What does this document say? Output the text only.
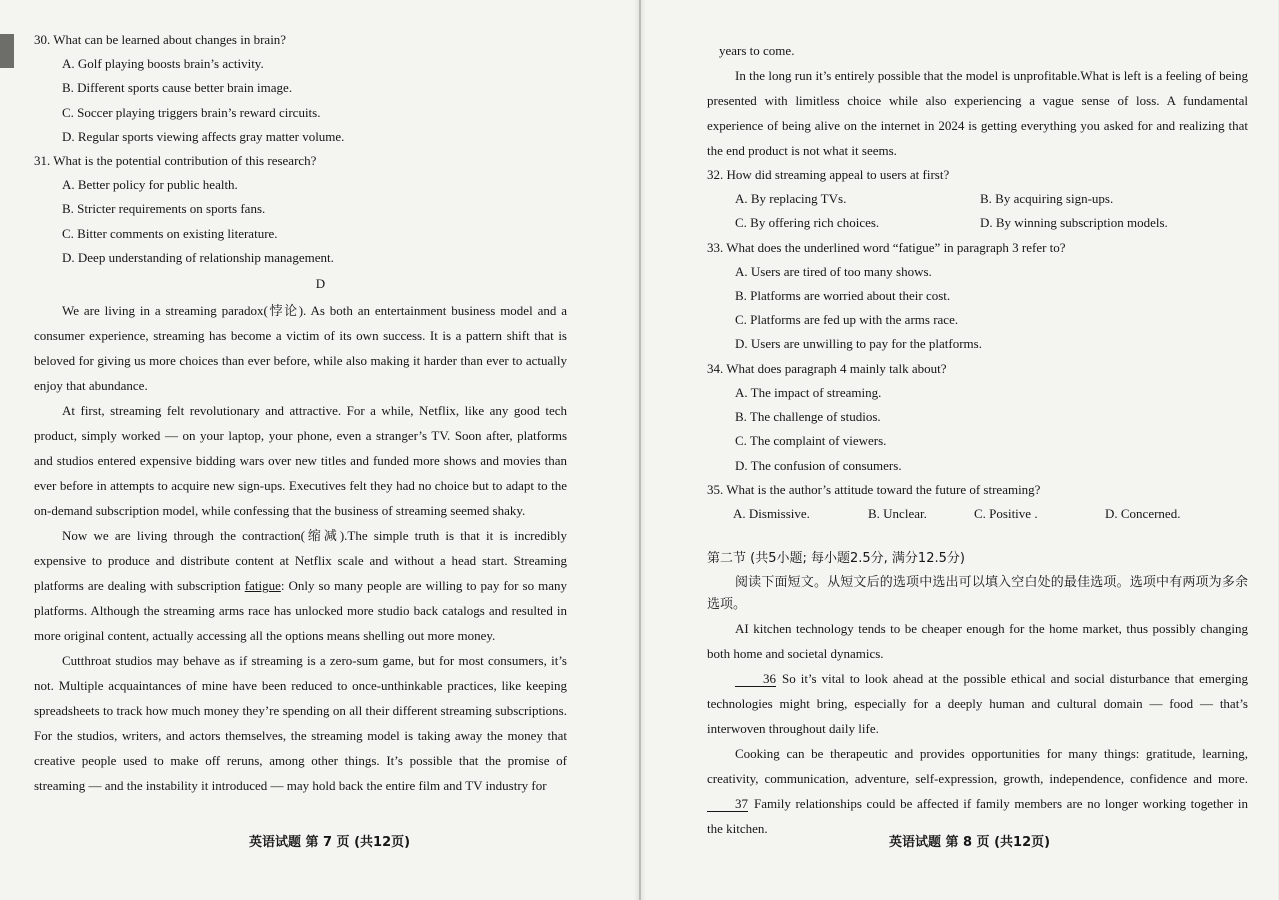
30. What can be learned about changes in brain?
A. Golf playing boosts brain’s activity.
B. Different sports cause better brain image.
C. Soccer playing triggers brain’s reward circuits.
D. Regular sports viewing affects gray matter volume.
31. What is the potential contribution of this research?
A. Better policy for public health.
B. Stricter requirements on sports fans.
C. Bitter comments on existing literature.
D. Deep understanding of relationship management.
D

We are living in a streaming paradox(悖论). As both an entertainment business model and a consumer experience, streaming has become a victim of its own success. It is a pattern shift that is beloved for giving us more choices than ever before, while also making it harder than ever to actually enjoy that abundance.

At first, streaming felt revolutionary and attractive. For a while, Netflix, like any good tech product, simply worked — on your laptop, your phone, even a stranger’s TV. Soon after, platforms and studios entered expensive bidding wars over new titles and funded more shows and movies than ever before in attempts to acquire new sign-ups. Executives felt they had no choice but to adapt to the on-demand subscription model, while confessing that the business of streaming seemed shaky.

Now we are living through the contraction(缩减).The simple truth is that it is incredibly expensive to produce and distribute content at Netflix scale and without a head start. Streaming platforms are dealing with subscription fatigue: Only so many people are willing to pay for so many platforms. Although the streaming arms race has unlocked more studio back catalogs and resulted in more original content, actually accessing all the options means shelling out more money.

Cutthroat studios may behave as if streaming is a zero-sum game, but for most consumers, it’s not. Multiple acquaintances of mine have been reduced to once-unthinkable practices, like keeping spreadsheets to track how much money they’re spending on all their different streaming subscriptions. For the studios, writers, and actors themselves, the streaming model is taking away the money that creative people used to make off reruns, among other things. It’s possible that the promise of streaming — and the instability it introduced — may hold back the entire film and TV industry for

英语试题 第 7 页 (共12页)
years to come.

In the long run it’s entirely possible that the model is unprofitable.What is left is a feeling of being presented with limitless choice while also experiencing a vague sense of loss. A fundamental experience of being alive on the internet in 2024 is getting everything you asked for and realizing that the end product is not what it seems.

32. How did streaming appeal to users at first?
A. By replacing TVs.	B. By acquiring sign-ups.
C. By offering rich choices.	D. By winning subscription models.
33. What does the underlined word “fatigue” in paragraph 3 refer to?
A. Users are tired of too many shows.
B. Platforms are worried about their cost.
C. Platforms are fed up with the arms race.
D. Users are unwilling to pay for the platforms.
34. What does paragraph 4 mainly talk about?
A. The impact of streaming.
B. The challenge of studios.
C. The complaint of viewers.
D. The confusion of consumers.
35. What is the author’s attitude toward the future of streaming?
A. Dismissive.	B. Unclear.	C. Positive .	D. Concerned.
第二节 (共5小题; 每小题2.5分, 满分12.5分)

阅读下面短文。从短文后的选项中选出可以填入空白处的最佳选项。选项中有两项为多余选项。

AI kitchen technology tends to be cheaper enough for the home market, thus possibly changing both home and societal dynamics.

36 So it’s vital to look ahead at the possible ethical and social disturbance that emerging technologies might bring, especially for a deeply human and cultural domain — food — that’s interwoven throughout daily life.

Cooking can be therapeutic and provides opportunities for many things: gratitude, learning, creativity, communication, adventure, self-expression, growth, independence, confidence and more. 37 Family relationships could be affected if family members are no longer working together in the kitchen.

英语试题 第 8 页 (共12页)
